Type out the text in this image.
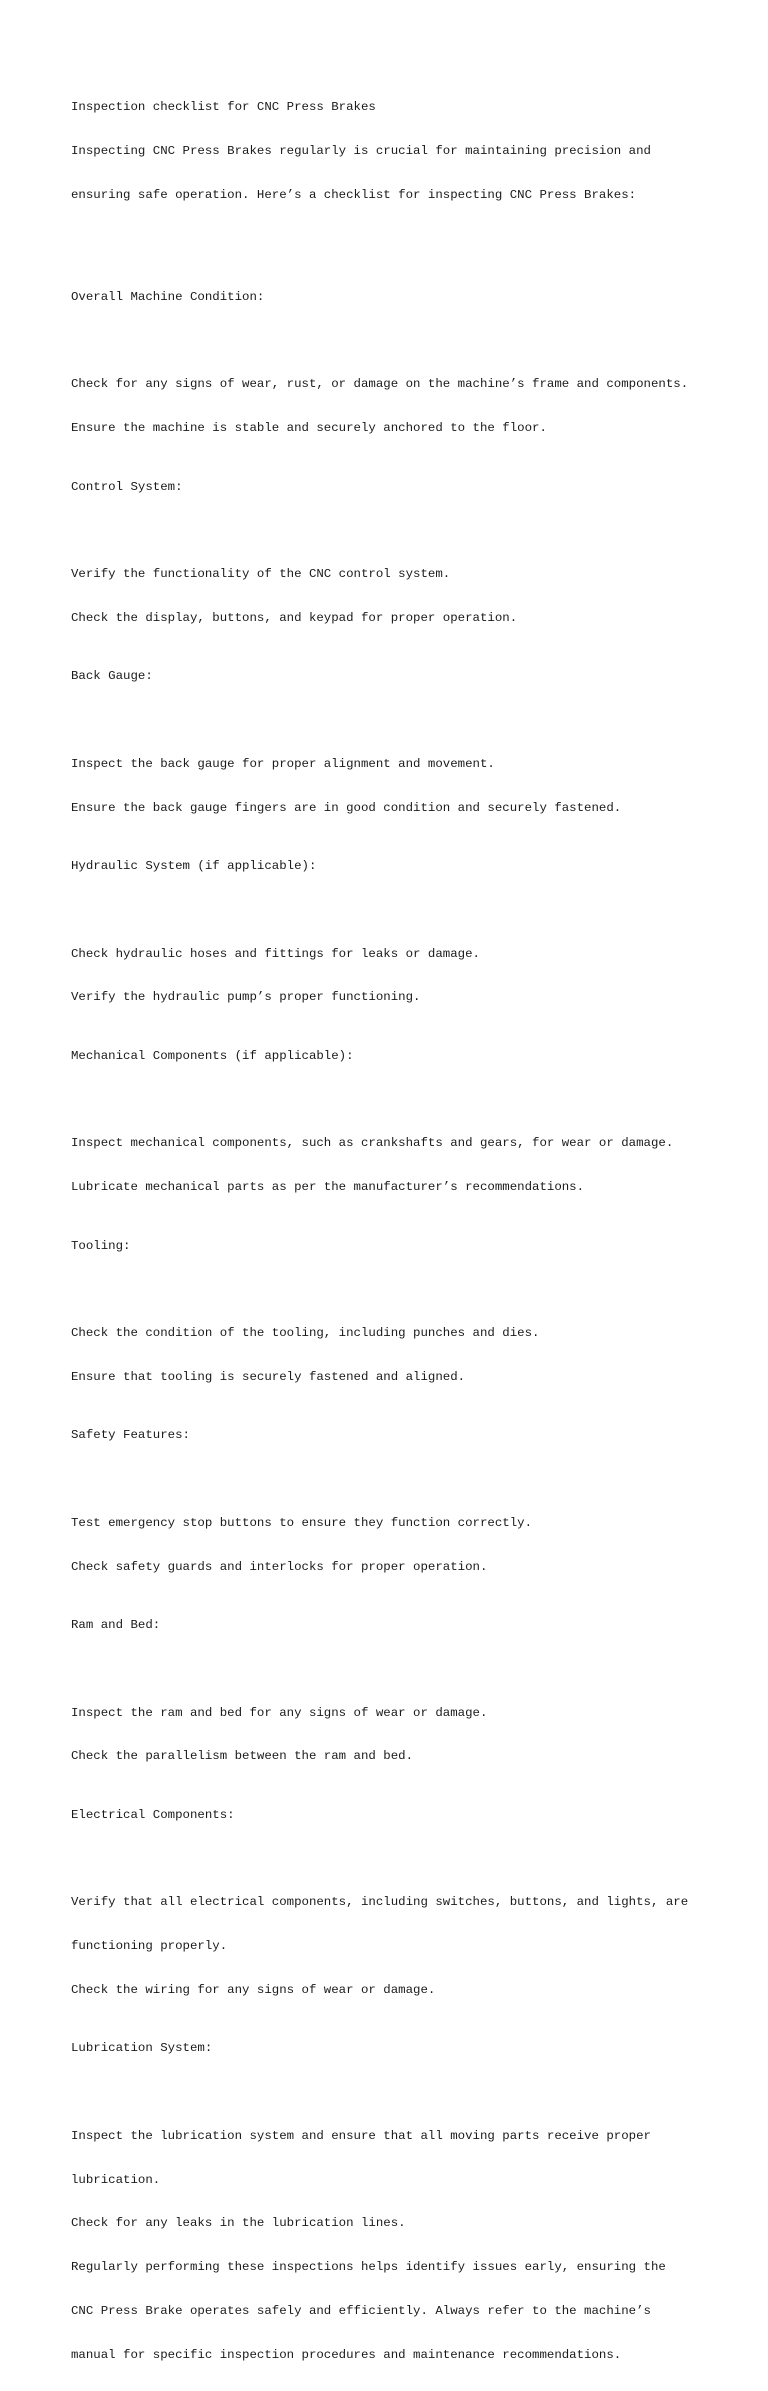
Inspection checklist for CNC Press Brakes

Inspecting CNC Press Brakes regularly is crucial for maintaining precision and

ensuring safe operation. Here’s a checklist for inspecting CNC Press Brakes:

Overall Machine Condition:

Check for any signs of wear, rust, or damage on the machine’s frame and components.

Ensure the machine is stable and securely anchored to the floor.

Control System:

Verify the functionality of the CNC control system.

Check the display, buttons, and keypad for proper operation.

Back Gauge:

Inspect the back gauge for proper alignment and movement.

Ensure the back gauge fingers are in good condition and securely fastened.

Hydraulic System (if applicable):

Check hydraulic hoses and fittings for leaks or damage.

Verify the hydraulic pump’s proper functioning.

Mechanical Components (if applicable):

Inspect mechanical components, such as crankshafts and gears, for wear or damage.

Lubricate mechanical parts as per the manufacturer’s recommendations.

Tooling:

Check the condition of the tooling, including punches and dies.

Ensure that tooling is securely fastened and aligned.

Safety Features:

Test emergency stop buttons to ensure they function correctly.

Check safety guards and interlocks for proper operation.

Ram and Bed:

Inspect the ram and bed for any signs of wear or damage.

Check the parallelism between the ram and bed.

Electrical Components:

Verify that all electrical components, including switches, buttons, and lights, are

functioning properly.

Check the wiring for any signs of wear or damage.

Lubrication System:

Inspect the lubrication system and ensure that all moving parts receive proper

lubrication.

Check for any leaks in the lubrication lines.

Regularly performing these inspections helps identify issues early, ensuring the

CNC Press Brake operates safely and efficiently. Always refer to the machine’s

manual for specific inspection procedures and maintenance recommendations.
